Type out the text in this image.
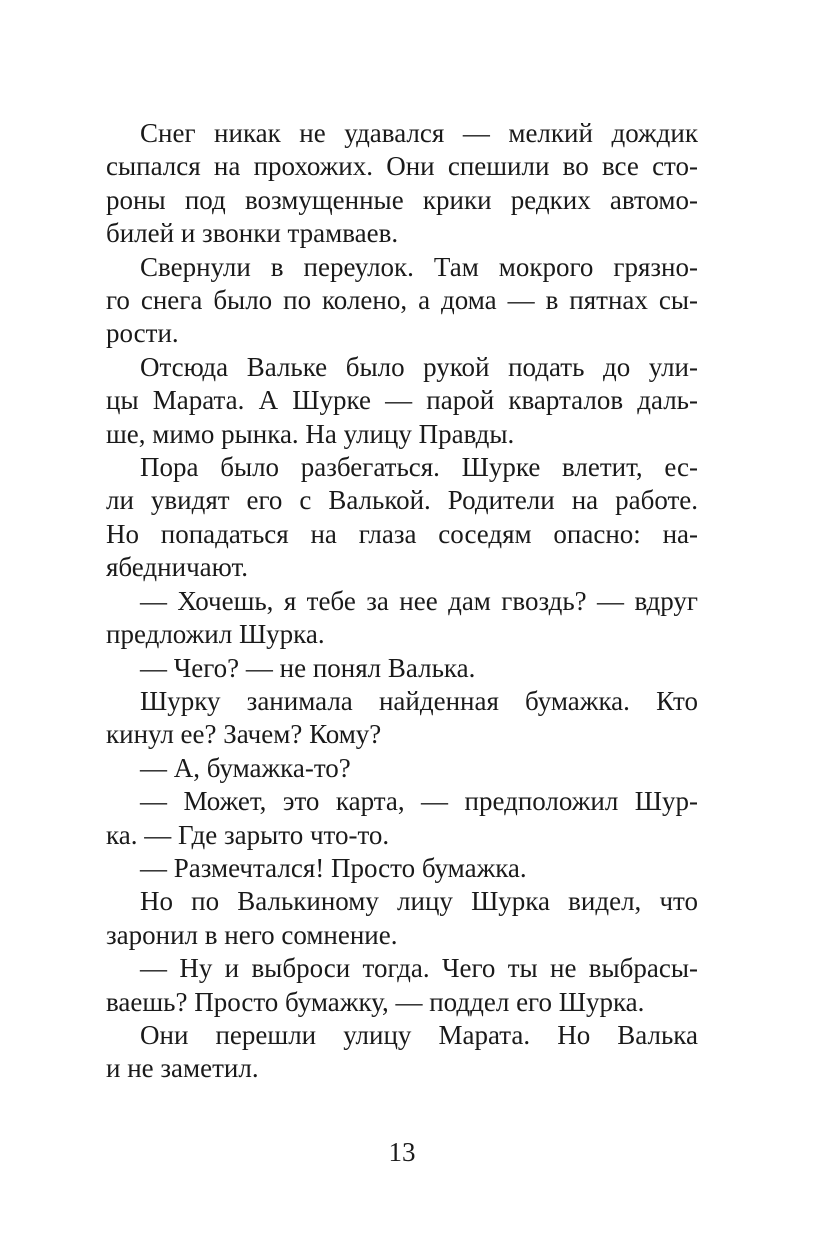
Снег никак не удавался — мелкий дождик
сыпался на прохожих. Они спешили во все сто-
роны под возмущенные крики редких автомо-
билей и звонки трамваев.
Свернули в переулок. Там мокрого грязно-
го снега было по колено, а дома — в пятнах сы-
рости.
Отсюда Вальке было рукой подать до ули-
цы Марата. А Шурке — парой кварталов даль-
ше, мимо рынка. На улицу Правды.
Пора было разбегаться. Шурке влетит, ес-
ли увидят его с Валькой. Родители на работе.
Но попадаться на глаза соседям опасно: на-
ябедничают.
— Хочешь, я тебе за нее дам гвоздь? — вдруг
предложил Шурка.
— Чего? — не понял Валька.
Шурку занимала найденная бумажка. Кто
кинул ее? Зачем? Кому?
— А, бумажка-то?
— Может, это карта, — предположил Шур-
ка. — Где зарыто что-то.
— Размечтался! Просто бумажка.
Но по Валькиному лицу Шурка видел, что
заронил в него сомнение.
— Ну и выброси тогда. Чего ты не выбрасы-
ваешь? Просто бумажку, — поддел его Шурка.
Они перешли улицу Марата. Но Валька
и не заметил.
13
